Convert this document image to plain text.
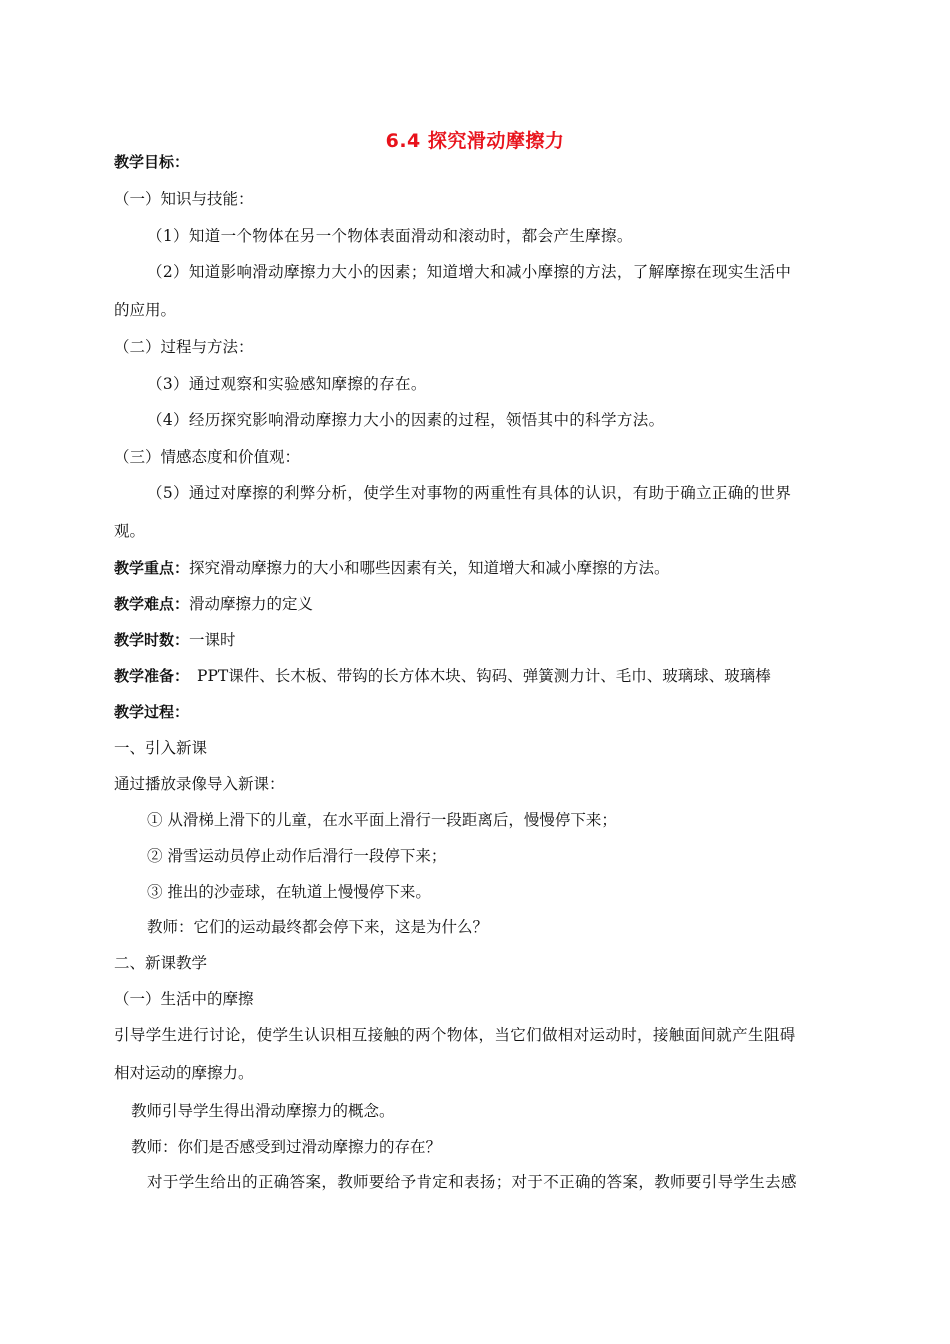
6.4 探究滑动摩擦力
教学目标：
（一）知识与技能：
（1）知道一个物体在另一个物体表面滑动和滚动时，都会产生摩擦。
（2）知道影响滑动摩擦力大小的因素；知道增大和减小摩擦的方法，了解摩擦在现实生活中
的应用。
（二）过程与方法：
（3）通过观察和实验感知摩擦的存在。
（4）经历探究影响滑动摩擦力大小的因素的过程，领悟其中的科学方法。
（三）情感态度和价值观：
（5）通过对摩擦的利弊分析，使学生对事物的两重性有具体的认识，有助于确立正确的世界
观。
教学重点：探究滑动摩擦力的大小和哪些因素有关，知道增大和减小摩擦的方法。
教学难点：滑动摩擦力的定义
教学时数：一课时
教学准备： PPT课件、长木板、带钩的长方体木块、钩码、弹簧测力计、毛巾、玻璃球、玻璃棒
教学过程：
一、引入新课
通过播放录像导入新课：
① 从滑梯上滑下的儿童，在水平面上滑行一段距离后，慢慢停下来；
② 滑雪运动员停止动作后滑行一段停下来；
③ 推出的沙壶球，在轨道上慢慢停下来。
教师：它们的运动最终都会停下来，这是为什么？
二、新课教学
（一）生活中的摩擦
引导学生进行讨论，使学生认识相互接触的两个物体，当它们做相对运动时，接触面间就产生阻碍
相对运动的摩擦力。
教师引导学生得出滑动摩擦力的概念。
教师：你们是否感受到过滑动摩擦力的存在？
对于学生给出的正确答案，教师要给予肯定和表扬；对于不正确的答案，教师要引导学生去感
